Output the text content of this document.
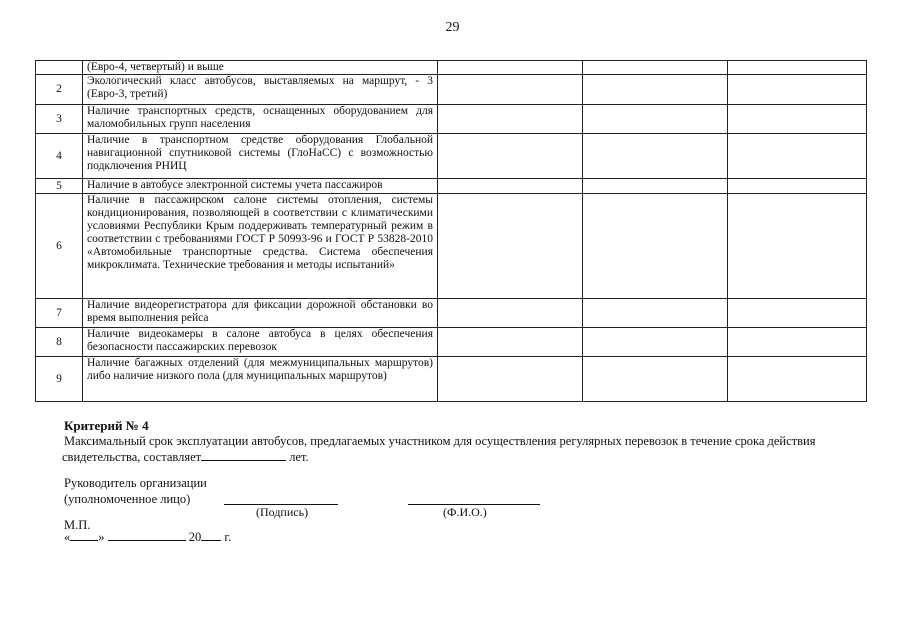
29
	(Евро-4, четвертый) и выше			
2	Экологический класс автобусов, выставляемых на маршрут, - 3 (Евро-3, третий)			
3	Наличие транспортных средств, оснащенных оборудованием для маломобильных групп населения			
4	Наличие в транспортном средстве оборудования Глобальной навигационной спутниковой системы (ГлоНаСС) с возможностью подключения РНИЦ			
5	Наличие в автобусе электронной системы учета пассажиров			
6	Наличие в пассажирском салоне системы отопления, системы кондиционирования, позволяющей в соответствии с климатическими условиями Республики Крым поддерживать температурный режим в соответствии с требованиями ГОСТ Р 50993-96 и ГОСТ Р 53828-2010 «Автомобильные транспортные средства. Система обеспечения микроклимата. Технические требования и методы испытаний»			
7	Наличие видеорегистратора для фиксации дорожной обстановки во время выполнения рейса			
8	Наличие видеокамеры в салоне автобуса в целях обеспечения безопасности пассажирских перевозок			
9	Наличие багажных отделений (для межмуниципальных маршрутов) либо наличие низкого пола (для муниципальных маршрутов)			
Критерий № 4
Максимальный срок эксплуатации автобусов, предлагаемых участником для осуществления регулярных перевозок в течение срока действия
свидетельства, составляет	лет.
Руководитель организации
(уполномоченное лицо)
(Подпись)	(Ф.И.О.)
М.П.
« »	20 г.
